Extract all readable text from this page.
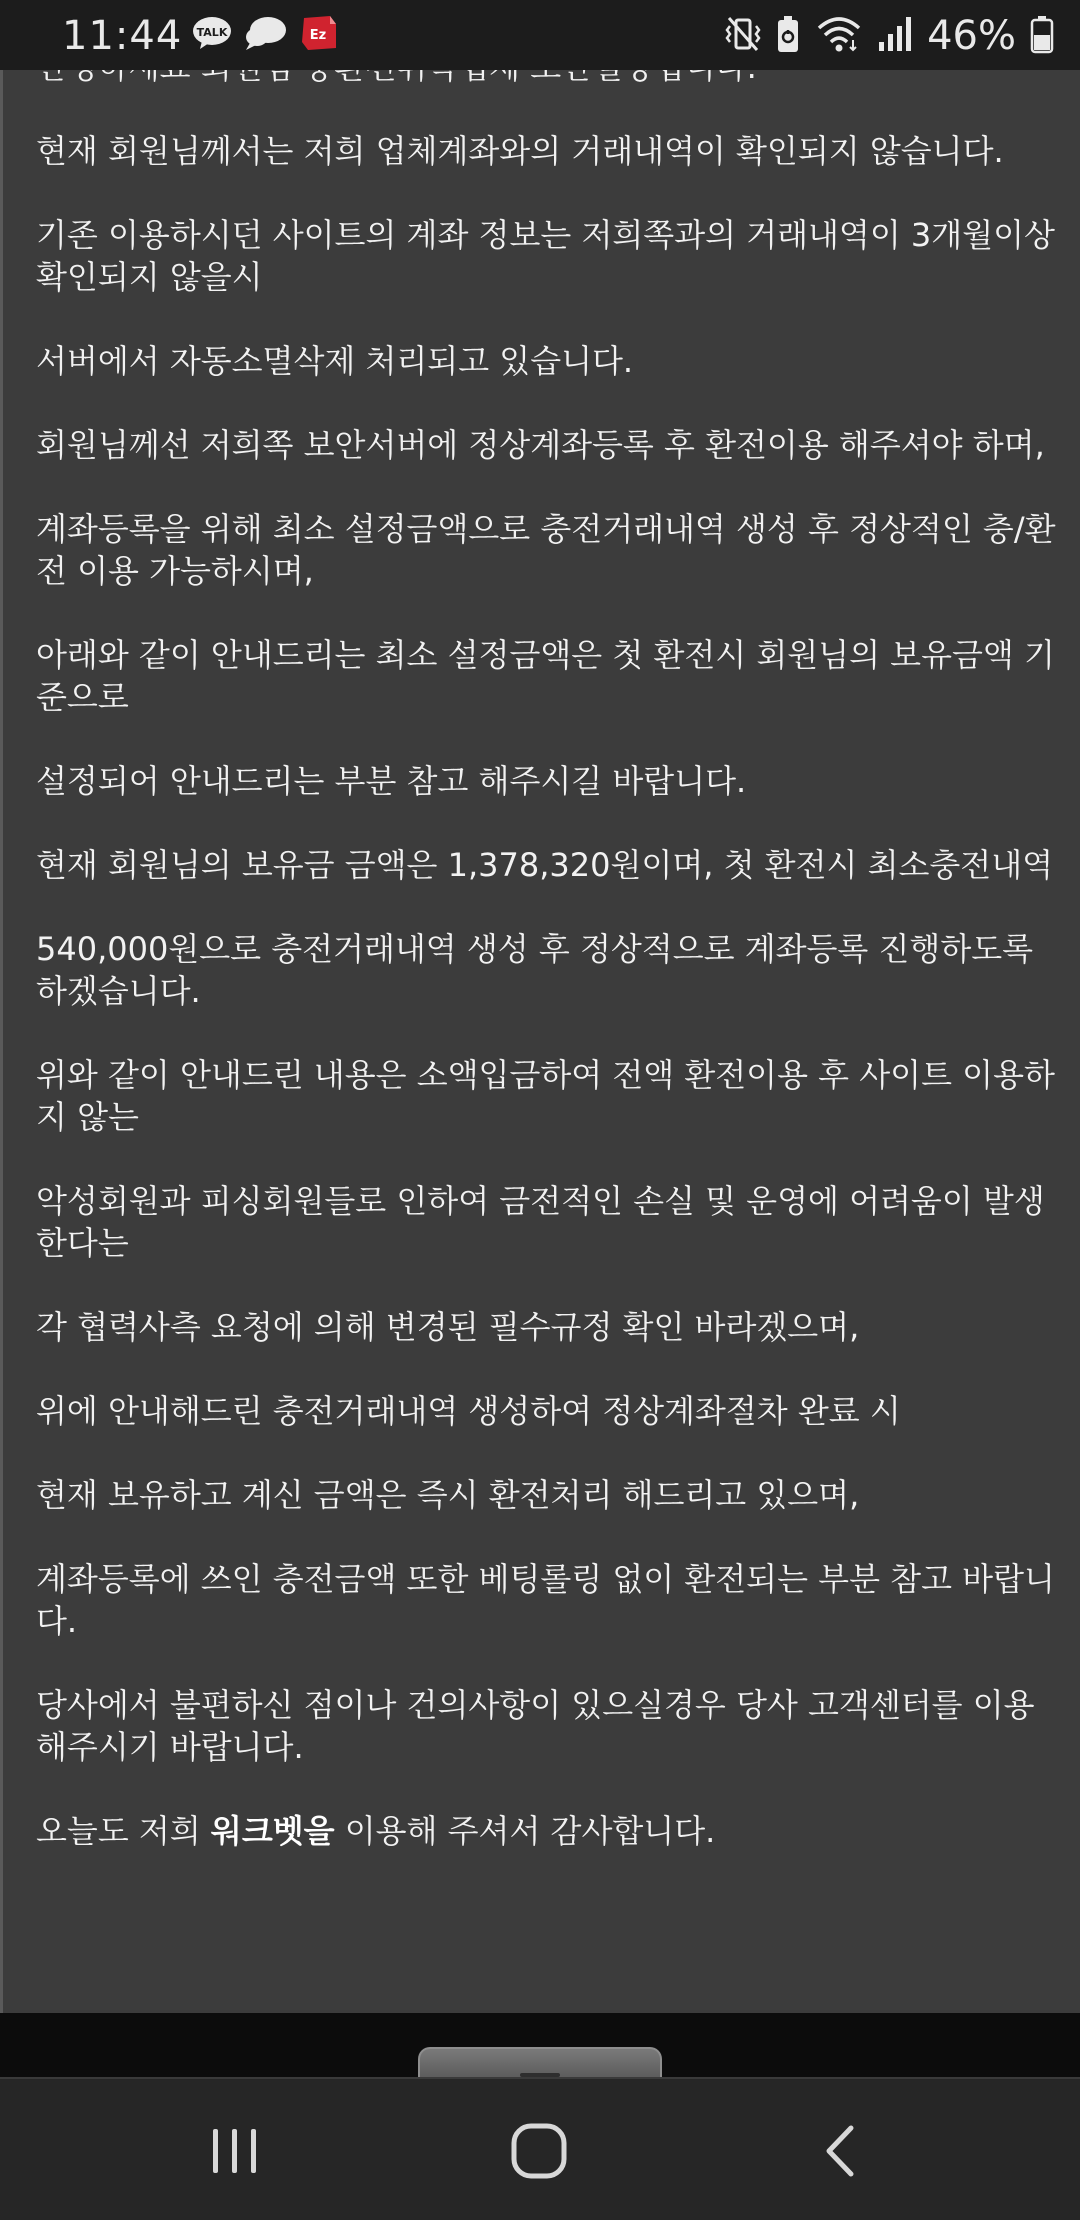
11:44 TALK	Ez	46%
현재 회원님께서는 저희 업체계좌와의 거래내역이 확인되지 않습니다.
기존 이용하시던 사이트의 계좌 정보는 저희쪽과의 거래내역이 3개월이상 확인되지 않을시
서버에서 자동소멸삭제 처리되고 있습니다.
회원님께선 저희쪽 보안서버에 정상계좌등록 후 환전이용 해주셔야 하며,
계좌등록을 위해 최소 설정금액으로 충전거래내역 생성 후 정상적인 충/환전 이용 가능하시며,
아래와 같이 안내드리는 최소 설정금액은 첫 환전시 회원님의 보유금액 기준으로
설정되어 안내드리는 부분 참고 해주시길 바랍니다.
현재 회원님의 보유금 금액은 1,378,320원이며, 첫 환전시 최소충전내역
540,000원으로 충전거래내역 생성 후 정상적으로 계좌등록 진행하도록 하겠습니다.
위와 같이 안내드린 내용은 소액입금하여 전액 환전이용 후 사이트 이용하지 않는
악성회원과 피싱회원들로 인하여 금전적인 손실 및 운영에 어려움이 발생한다는
각 협력사측 요청에 의해 변경된 필수규정 확인 바라겠으며,
위에 안내해드린 충전거래내역 생성하여 정상계좌절차 완료 시
현재 보유하고 계신 금액은 즉시 환전처리 해드리고 있으며,
계좌등록에 쓰인 충전금액 또한 베팅롤링 없이 환전되는 부분 참고 바랍니다.
당사에서 불편하신 점이나 건의사항이 있으실경우 당사 고객센터를 이용해주시기 바랍니다.
오늘도 저희 워크벳을 이용해 주셔서 감사합니다.
